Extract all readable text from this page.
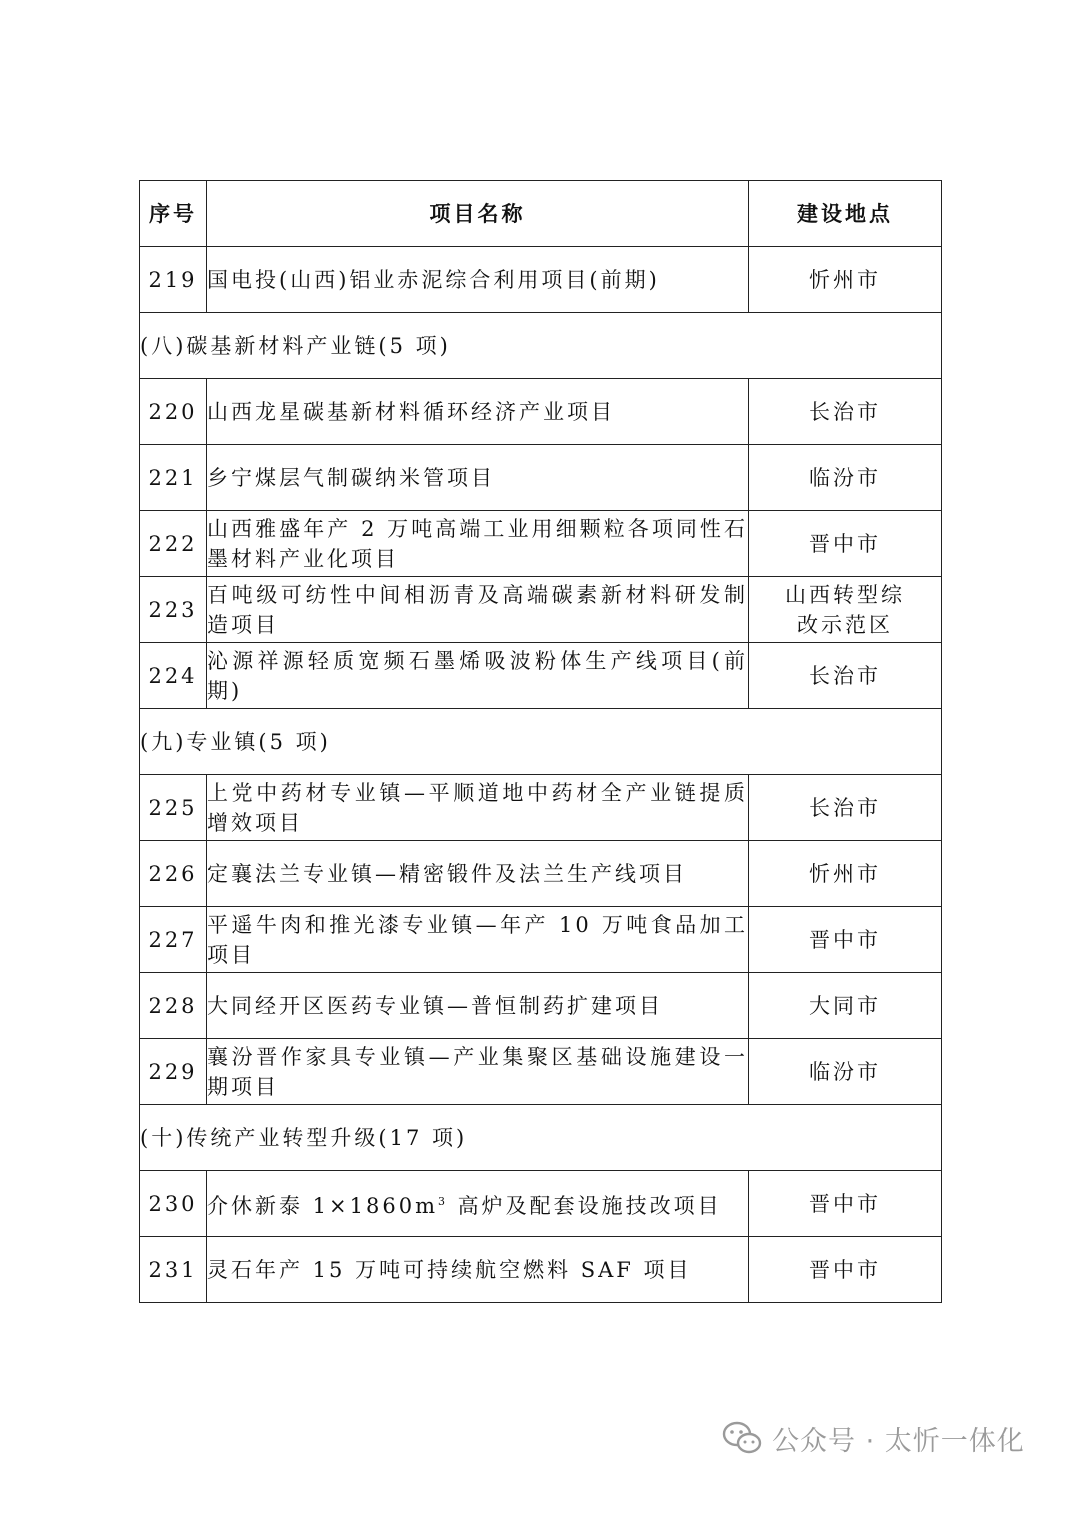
序号	项目名称	建设地点
219	国电投(山西)铝业赤泥综合利用项目(前期)	忻州市
(八)碳基新材料产业链(5 项)		
220	山西龙星碳基新材料循环经济产业项目	长治市
221	乡宁煤层气制碳纳米管项目	临汾市
222	山西雅盛年产 2 万吨高端工业用细颗粒各项同性石墨材料产业化项目	晋中市
223	百吨级可纺性中间相沥青及高端碳素新材料研发制造项目	山西转型综改示范区
224	沁源祥源轻质宽频石墨烯吸波粉体生产线项目(前期)	长治市
(九)专业镇(5 项)		
225	上党中药材专业镇—平顺道地中药材全产业链提质增效项目	长治市
226	定襄法兰专业镇—精密锻件及法兰生产线项目	忻州市
227	平遥牛肉和推光漆专业镇—年产 10 万吨食品加工项目	晋中市
228	大同经开区医药专业镇—普恒制药扩建项目	大同市
229	襄汾晋作家具专业镇—产业集聚区基础设施建设一期项目	临汾市
(十)传统产业转型升级(17 项)		
230	介休新泰 $1\times 1860m^3$ 高炉及配套设施技改项目	晋中市
231	灵石年产 15 万吨可持续航空燃料 SAF 项目	晋中市
公众号 · 太忻一体化
